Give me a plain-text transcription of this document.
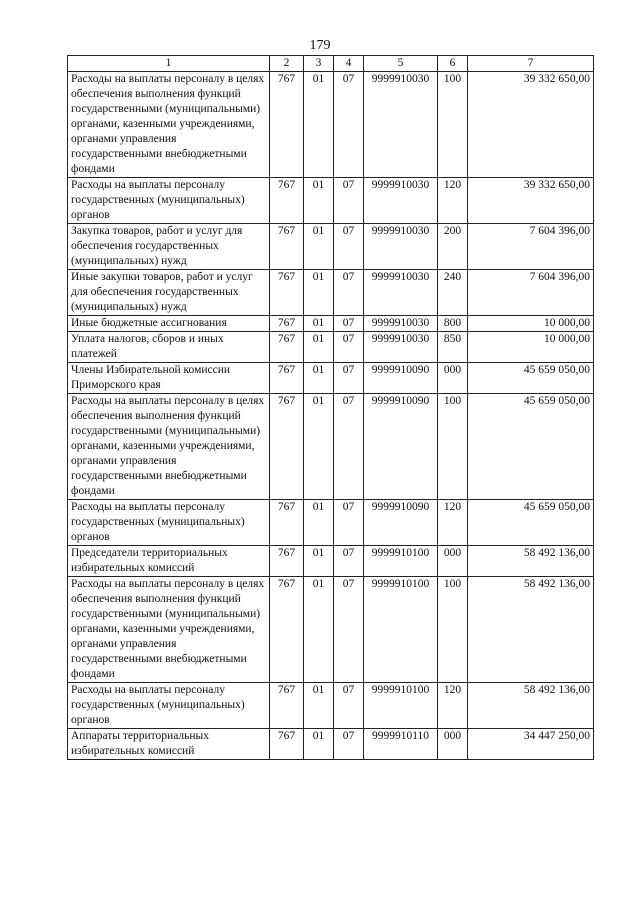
179
1	2	3	4	5	6	7
Расходы на выплаты персоналу в целях обеспечения выполнения функций государствeнными (муниципальными) органами, казенными учреждениями, органами управления государственными внебюджетными фондами	767	01	07	9999910030	100	39 332 650,00
Расходы на выплаты персоналу государственных (муниципальных) органов	767	01	07	9999910030	120	39 332 650,00
Закупка товаров, работ и услуг для обеспечения государственных (муниципальных) нужд	767	01	07	9999910030	200	7 604 396,00
Иные закупки товаров, работ и услуг для обеспечения государственных (муниципальных) нужд	767	01	07	9999910030	240	7 604 396,00
Иные бюджетные ассигнования	767	01	07	9999910030	800	10 000,00
Уплата налогов, сборов и иных платежей	767	01	07	9999910030	850	10 000,00
Члены Избирательной комиссии Приморского края	767	01	07	9999910090	000	45 659 050,00
Расходы на выплаты персоналу в целях обеспечения выполнения функций государственными (муниципальными) органами, казенными учреждениями, органами управления государственными внебюджетными фондами	767	01	07	9999910090	100	45 659 050,00
Расходы на выплаты персоналу государственных (муниципальных) органов	767	01	07	9999910090	120	45 659 050,00
Председатели территориальных избирательных комиссий	767	01	07	9999910100	000	58 492 136,00
Расходы на выплаты персоналу в целях обеспечения выполнения функций государственными (муниципальными) органами, казенными учреждениями, органами управления государственными внебюджетными фондами	767	01	07	9999910100	100	58 492 136,00
Расходы на выплаты персоналу государственных (муниципальных) органов	767	01	07	9999910100	120	58 492 136,00
Аппараты территориальных избирательных комиссий	767	01	07	9999910110	000	34 447 250,00
